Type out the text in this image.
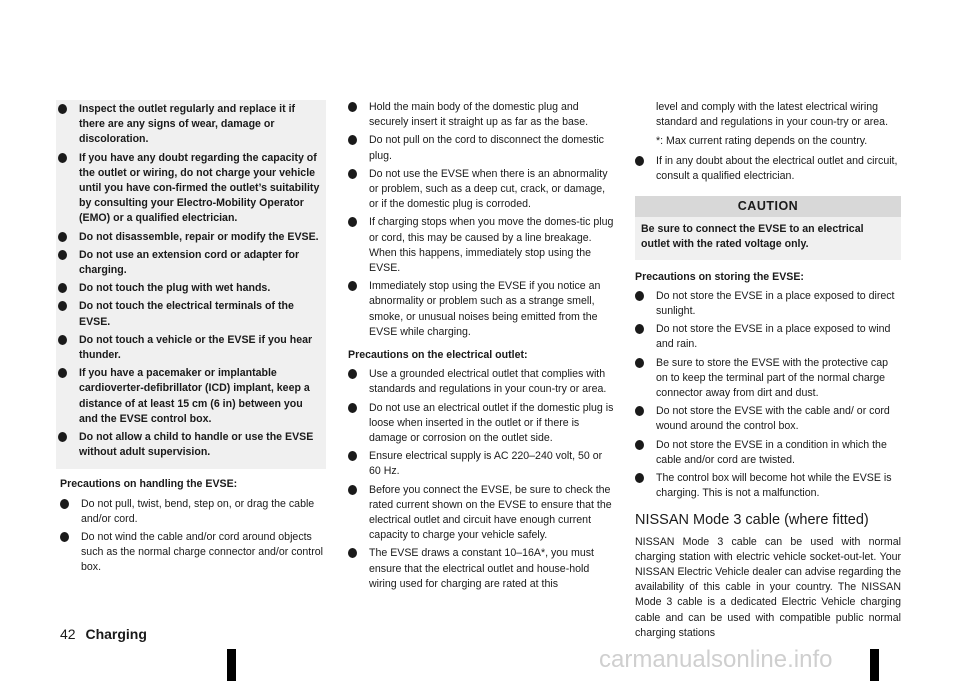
Inspect the outlet regularly and replace it if there are any signs of wear, damage or discoloration.
If you have any doubt regarding the capacity of the outlet or wiring, do not charge your vehicle until you have con-firmed the outlet’s suitability by consulting your Electro-Mobility Operator (EMO) or a qualified electrician.
Do not disassemble, repair or modify the EVSE.
Do not use an extension cord or adapter for charging.
Do not touch the plug with wet hands.
Do not touch the electrical terminals of the EVSE.
Do not touch a vehicle or the EVSE if you hear thunder.
If you have a pacemaker or implantable cardioverter-defibrillator (ICD) implant, keep a distance of at least 15 cm (6 in) between you and the EVSE control box.
Do not allow a child to handle or use the EVSE without adult supervision.
Precautions on handling the EVSE:
Do not pull, twist, bend, step on, or drag the cable and/or cord.
Do not wind the cable and/or cord around objects such as the normal charge connector and/or control box.
Hold the main body of the domestic plug and securely insert it straight up as far as the base.
Do not pull on the cord to disconnect the domestic plug.
Do not use the EVSE when there is an abnormality or problem, such as a deep cut, crack, or damage, or if the domestic plug is corroded.
If charging stops when you move the domes-tic plug or cord, this may be caused by a line breakage. When this happens, immediately stop using the EVSE.
Immediately stop using the EVSE if you notice an abnormality or problem such as a strange smell, smoke, or unusual noises being emitted from the EVSE while charging.
Precautions on the electrical outlet:
Use a grounded electrical outlet that complies with standards and regulations in your coun-try or area.
Do not use an electrical outlet if the domestic plug is loose when inserted in the outlet or if there is damage or corrosion on the outlet side.
Ensure electrical supply is AC 220–240 volt, 50 or 60 Hz.
Before you connect the EVSE, be sure to check the rated current shown on the EVSE to ensure that the electrical outlet and circuit have enough current capacity to charge your vehicle safely.
The EVSE draws a constant 10–16A*, you must ensure that the electrical outlet and house-hold wiring used for charging are rated at this
level and comply with the latest electrical wiring standard and regulations in your coun-try or area.
*: Max current rating depends on the country.
If in any doubt about the electrical outlet and circuit, consult a qualified electrician.
CAUTION
Be sure to connect the EVSE to an electrical outlet with the rated voltage only.
Precautions on storing the EVSE:
Do not store the EVSE in a place exposed to direct sunlight.
Do not store the EVSE in a place exposed to wind and rain.
Be sure to store the EVSE with the protective cap on to keep the terminal part of the normal charge connector away from dirt and dust.
Do not store the EVSE with the cable and/ or cord wound around the control box.
Do not store the EVSE in a condition in which the cable and/or cord are twisted.
The control box will become hot while the EVSE is charging. This is not a malfunction.
NISSAN Mode 3 cable (where fitted)
NISSAN Mode 3 cable can be used with normal charging station with electric vehicle socket-out-let. Your NISSAN Electric Vehicle dealer can advise regarding the availability of this cable in your country. The NISSAN Mode 3 cable is a dedicated Electric Vehicle charging cable and can be used with compatible public normal charging stations
42 Charging
carmanualsonline.info
